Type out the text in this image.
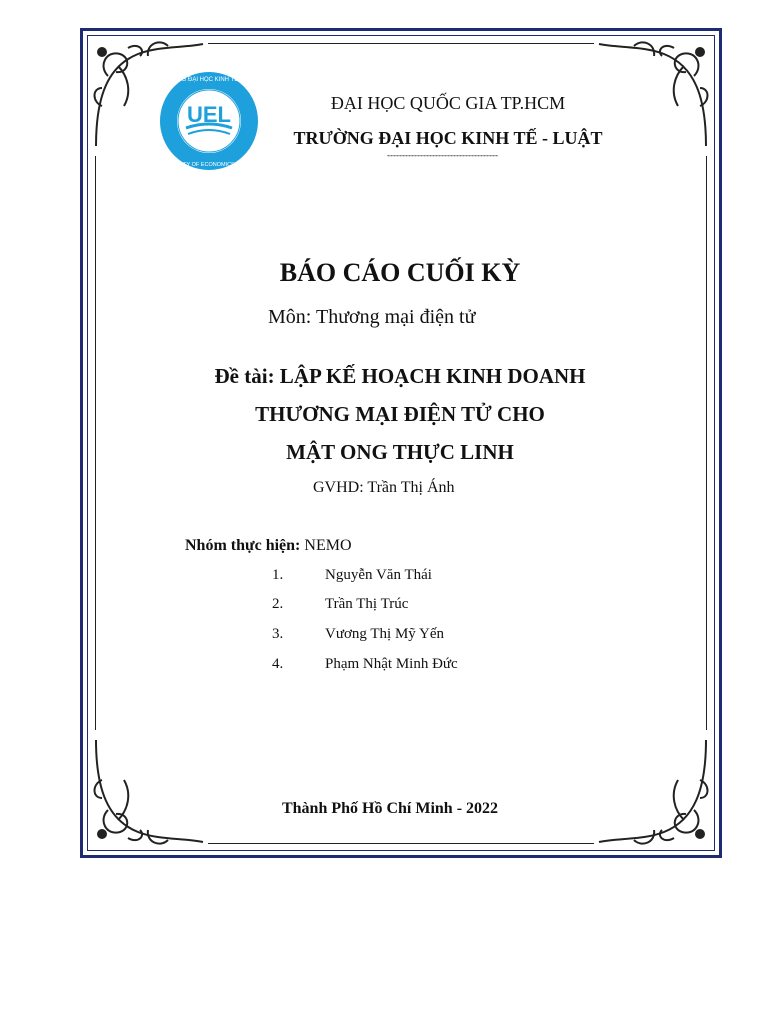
UEL
TRƯỜNG ĐẠI HỌC KINH TẾ - LUẬT
UNIVERSITY OF ECONOMICS AND LAW
ĐẠI HỌC QUỐC GIA TP.HCM
TRƯỜNG ĐẠI HỌC KINH TẾ - LUẬT
-------------------------------------
BÁO CÁO CUỐI KỲ
Môn: Thương mại điện tử
Đề tài: LẬP KẾ HOẠCH KINH DOANH
THƯƠNG MẠI ĐIỆN TỬ CHO
MẬT ONG THỰC LINH
GVHD: Trần Thị Ánh
Nhóm thực hiện: NEMO
1.	Nguyễn Văn Thái
2.	Trần Thị Trúc
3.	Vương Thị Mỹ Yến
4.	Phạm Nhật Minh Đức
Thành Phố Hồ Chí Minh - 2022
